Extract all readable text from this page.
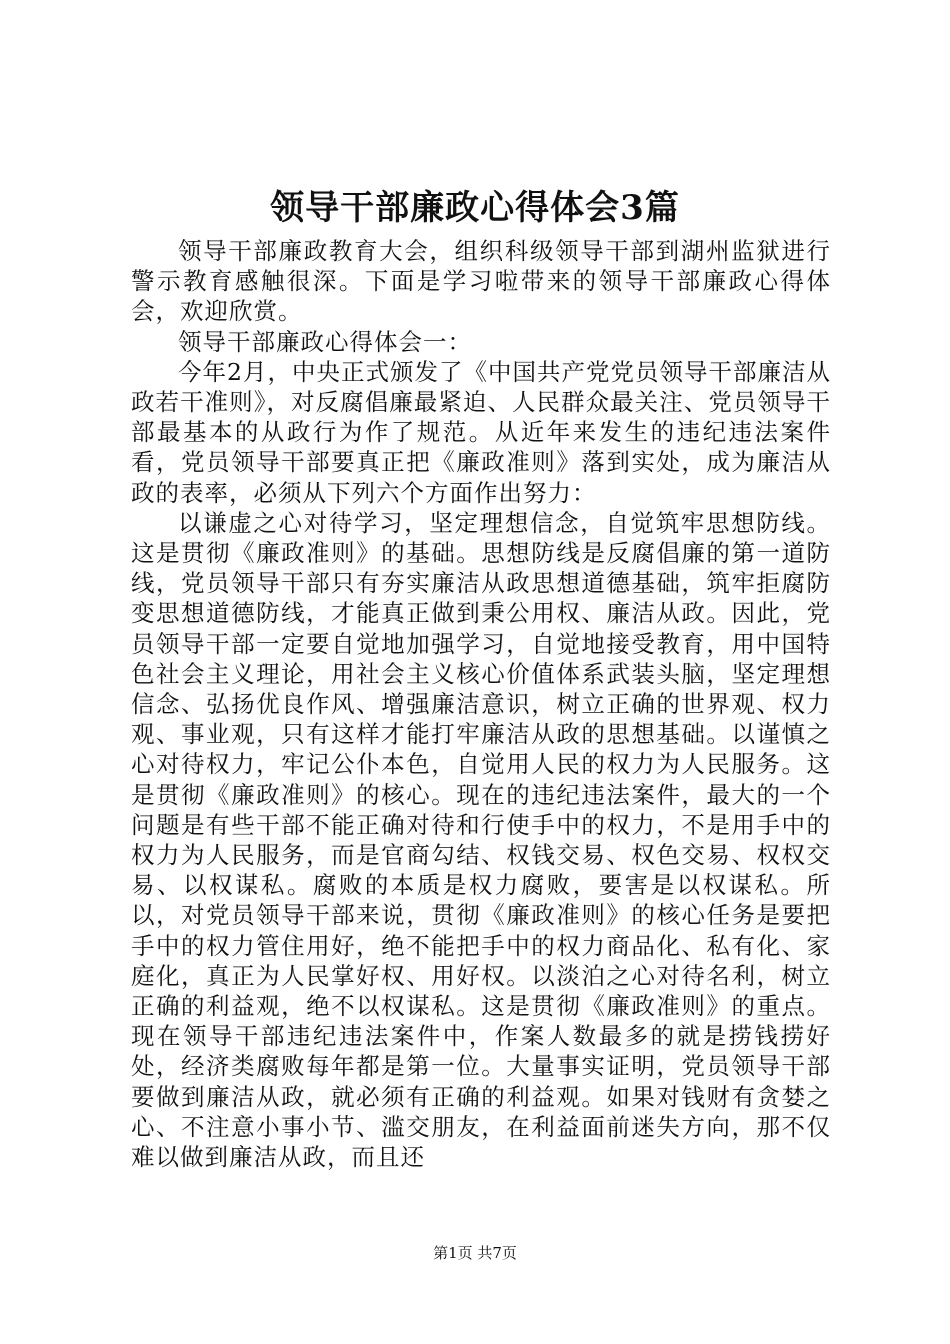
领导干部廉政心得体会3篇

领导干部廉政教育大会，组织科级领导干部到湖州监狱进行警示教育感触很深。下面是学习啦带来的领导干部廉政心得体会，欢迎欣赏。

领导干部廉政心得体会一：

今年2月，中央正式颁发了《中国共产党党员领导干部廉洁从政若干准则》，对反腐倡廉最紧迫、人民群众最关注、党员领导干部最基本的从政行为作了规范。从近年来发生的违纪违法案件看，党员领导干部要真正把《廉政准则》落到实处，成为廉洁从政的表率，必须从下列六个方面作出努力：

以谦虚之心对待学习，坚定理想信念，自觉筑牢思想防线。这是贯彻《廉政准则》的基础。思想防线是反腐倡廉的第一道防线，党员领导干部只有夯实廉洁从政思想道德基础，筑牢拒腐防变思想道德防线，才能真正做到秉公用权、廉洁从政。因此，党员领导干部一定要自觉地加强学习，自觉地接受教育，用中国特色社会主义理论，用社会主义核心价值体系武装头脑，坚定理想信念、弘扬优良作风、增强廉洁意识，树立正确的世界观、权力观、事业观，只有这样才能打牢廉洁从政的思想基础。以谨慎之心对待权力，牢记公仆本色，自觉用人民的权力为人民服务。这是贯彻《廉政准则》的核心。现在的违纪违法案件，最大的一个问题是有些干部不能正确对待和行使手中的权力，不是用手中的权力为人民服务，而是官商勾结、权钱交易、权色交易、权权交易、以权谋私。腐败的本质是权力腐败，要害是以权谋私。所以，对党员领导干部来说，贯彻《廉政准则》的核心任务是要把手中的权力管住用好，绝不能把手中的权力商品化、私有化、家庭化，真正为人民掌好权、用好权。以淡泊之心对待名利，树立正确的利益观，绝不以权谋私。这是贯彻《廉政准则》的重点。现在领导干部违纪违法案件中，作案人数最多的就是捞钱捞好处，经济类腐败每年都是第一位。大量事实证明，党员领导干部要做到廉洁从政，就必须有正确的利益观。如果对钱财有贪婪之心、不注意小事小节、滥交朋友，在利益面前迷失方向，那不仅难以做到廉洁从政，而且还

第1页 共7页
